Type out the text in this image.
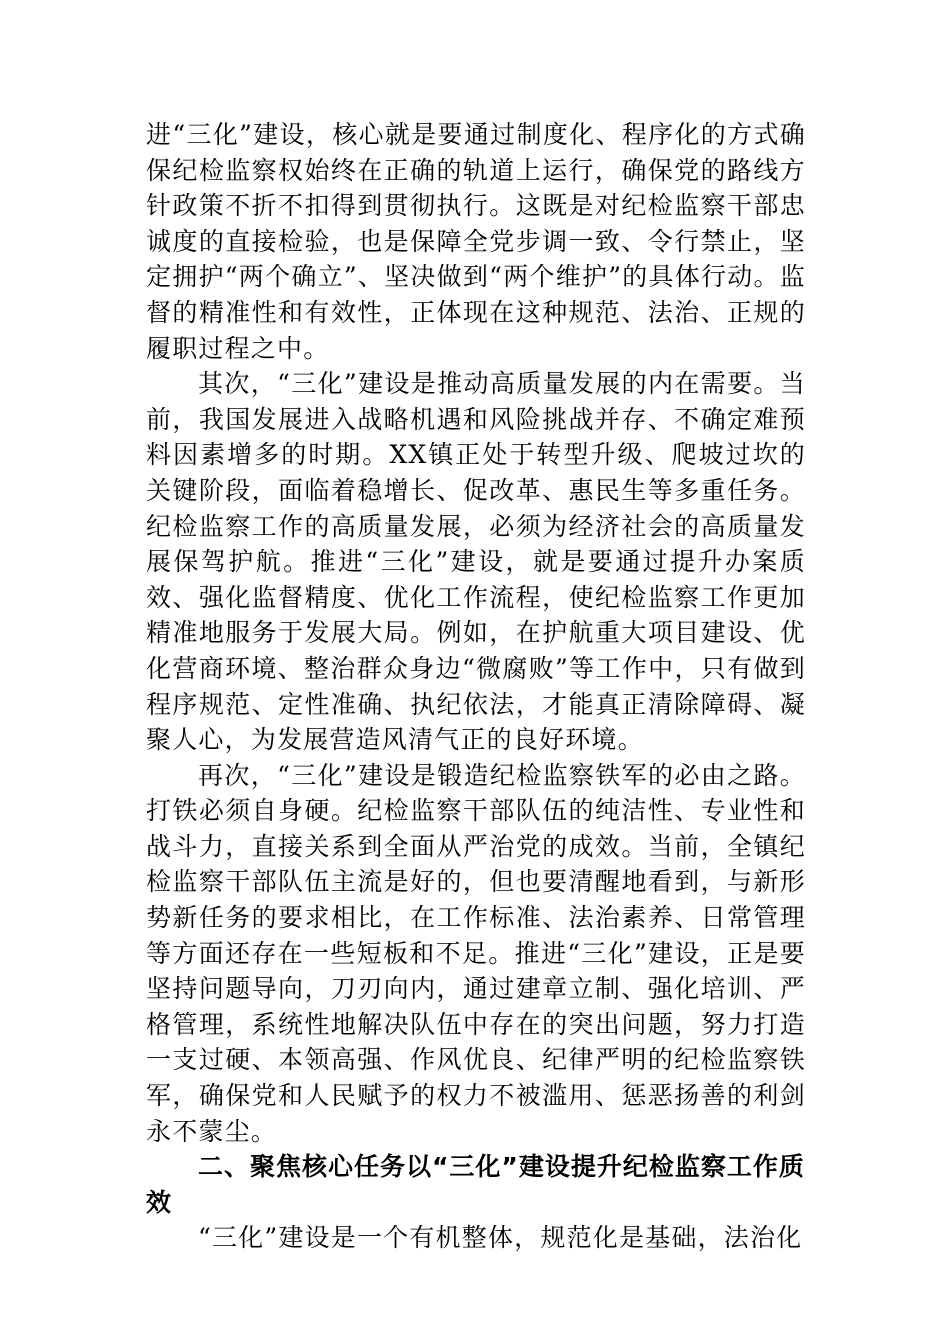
进“三化”建设，核心就是要通过制度化、程序化的方式确保纪检监察权始终在正确的轨道上运行，确保党的路线方针政策不折不扣得到贯彻执行。这既是对纪检监察干部忠诚度的直接检验，也是保障全党步调一致、令行禁止，坚定拥护“两个确立”、坚决做到“两个维护”的具体行动。监督的精准性和有效性，正体现在这种规范、法治、正规的履职过程之中。

其次，“三化”建设是推动高质量发展的内在需要。当前，我国发展进入战略机遇和风险挑战并存、不确定难预料因素增多的时期。XX镇正处于转型升级、爬坡过坎的关键阶段，面临着稳增长、促改革、惠民生等多重任务。纪检监察工作的高质量发展，必须为经济社会的高质量发展保驾护航。推进“三化”建设，就是要通过提升办案质效、强化监督精度、优化工作流程，使纪检监察工作更加精准地服务于发展大局。例如，在护航重大项目建设、优化营商环境、整治群众身边“微腐败”等工作中，只有做到程序规范、定性准确、执纪依法，才能真正清除障碍、凝聚人心，为发展营造风清气正的良好环境。

再次，“三化”建设是锻造纪检监察铁军的必由之路。打铁必须自身硬。纪检监察干部队伍的纯洁性、专业性和战斗力，直接关系到全面从严治党的成效。当前，全镇纪检监察干部队伍主流是好的，但也要清醒地看到，与新形势新任务的要求相比，在工作标准、法治素养、日常管理等方面还存在一些短板和不足。推进“三化”建设，正是要坚持问题导向，刀刃向内，通过建章立制、强化培训、严格管理，系统性地解决队伍中存在的突出问题，努力打造一支过硬、本领高强、作风优良、纪律严明的纪检监察铁军，确保党和人民赋予的权力不被滥用、惩恶扬善的利剑永不蒙尘。

二、聚焦核心任务以“三化”建设提升纪检监察工作质效

“三化”建设是一个有机整体，规范化是基础，法治化
